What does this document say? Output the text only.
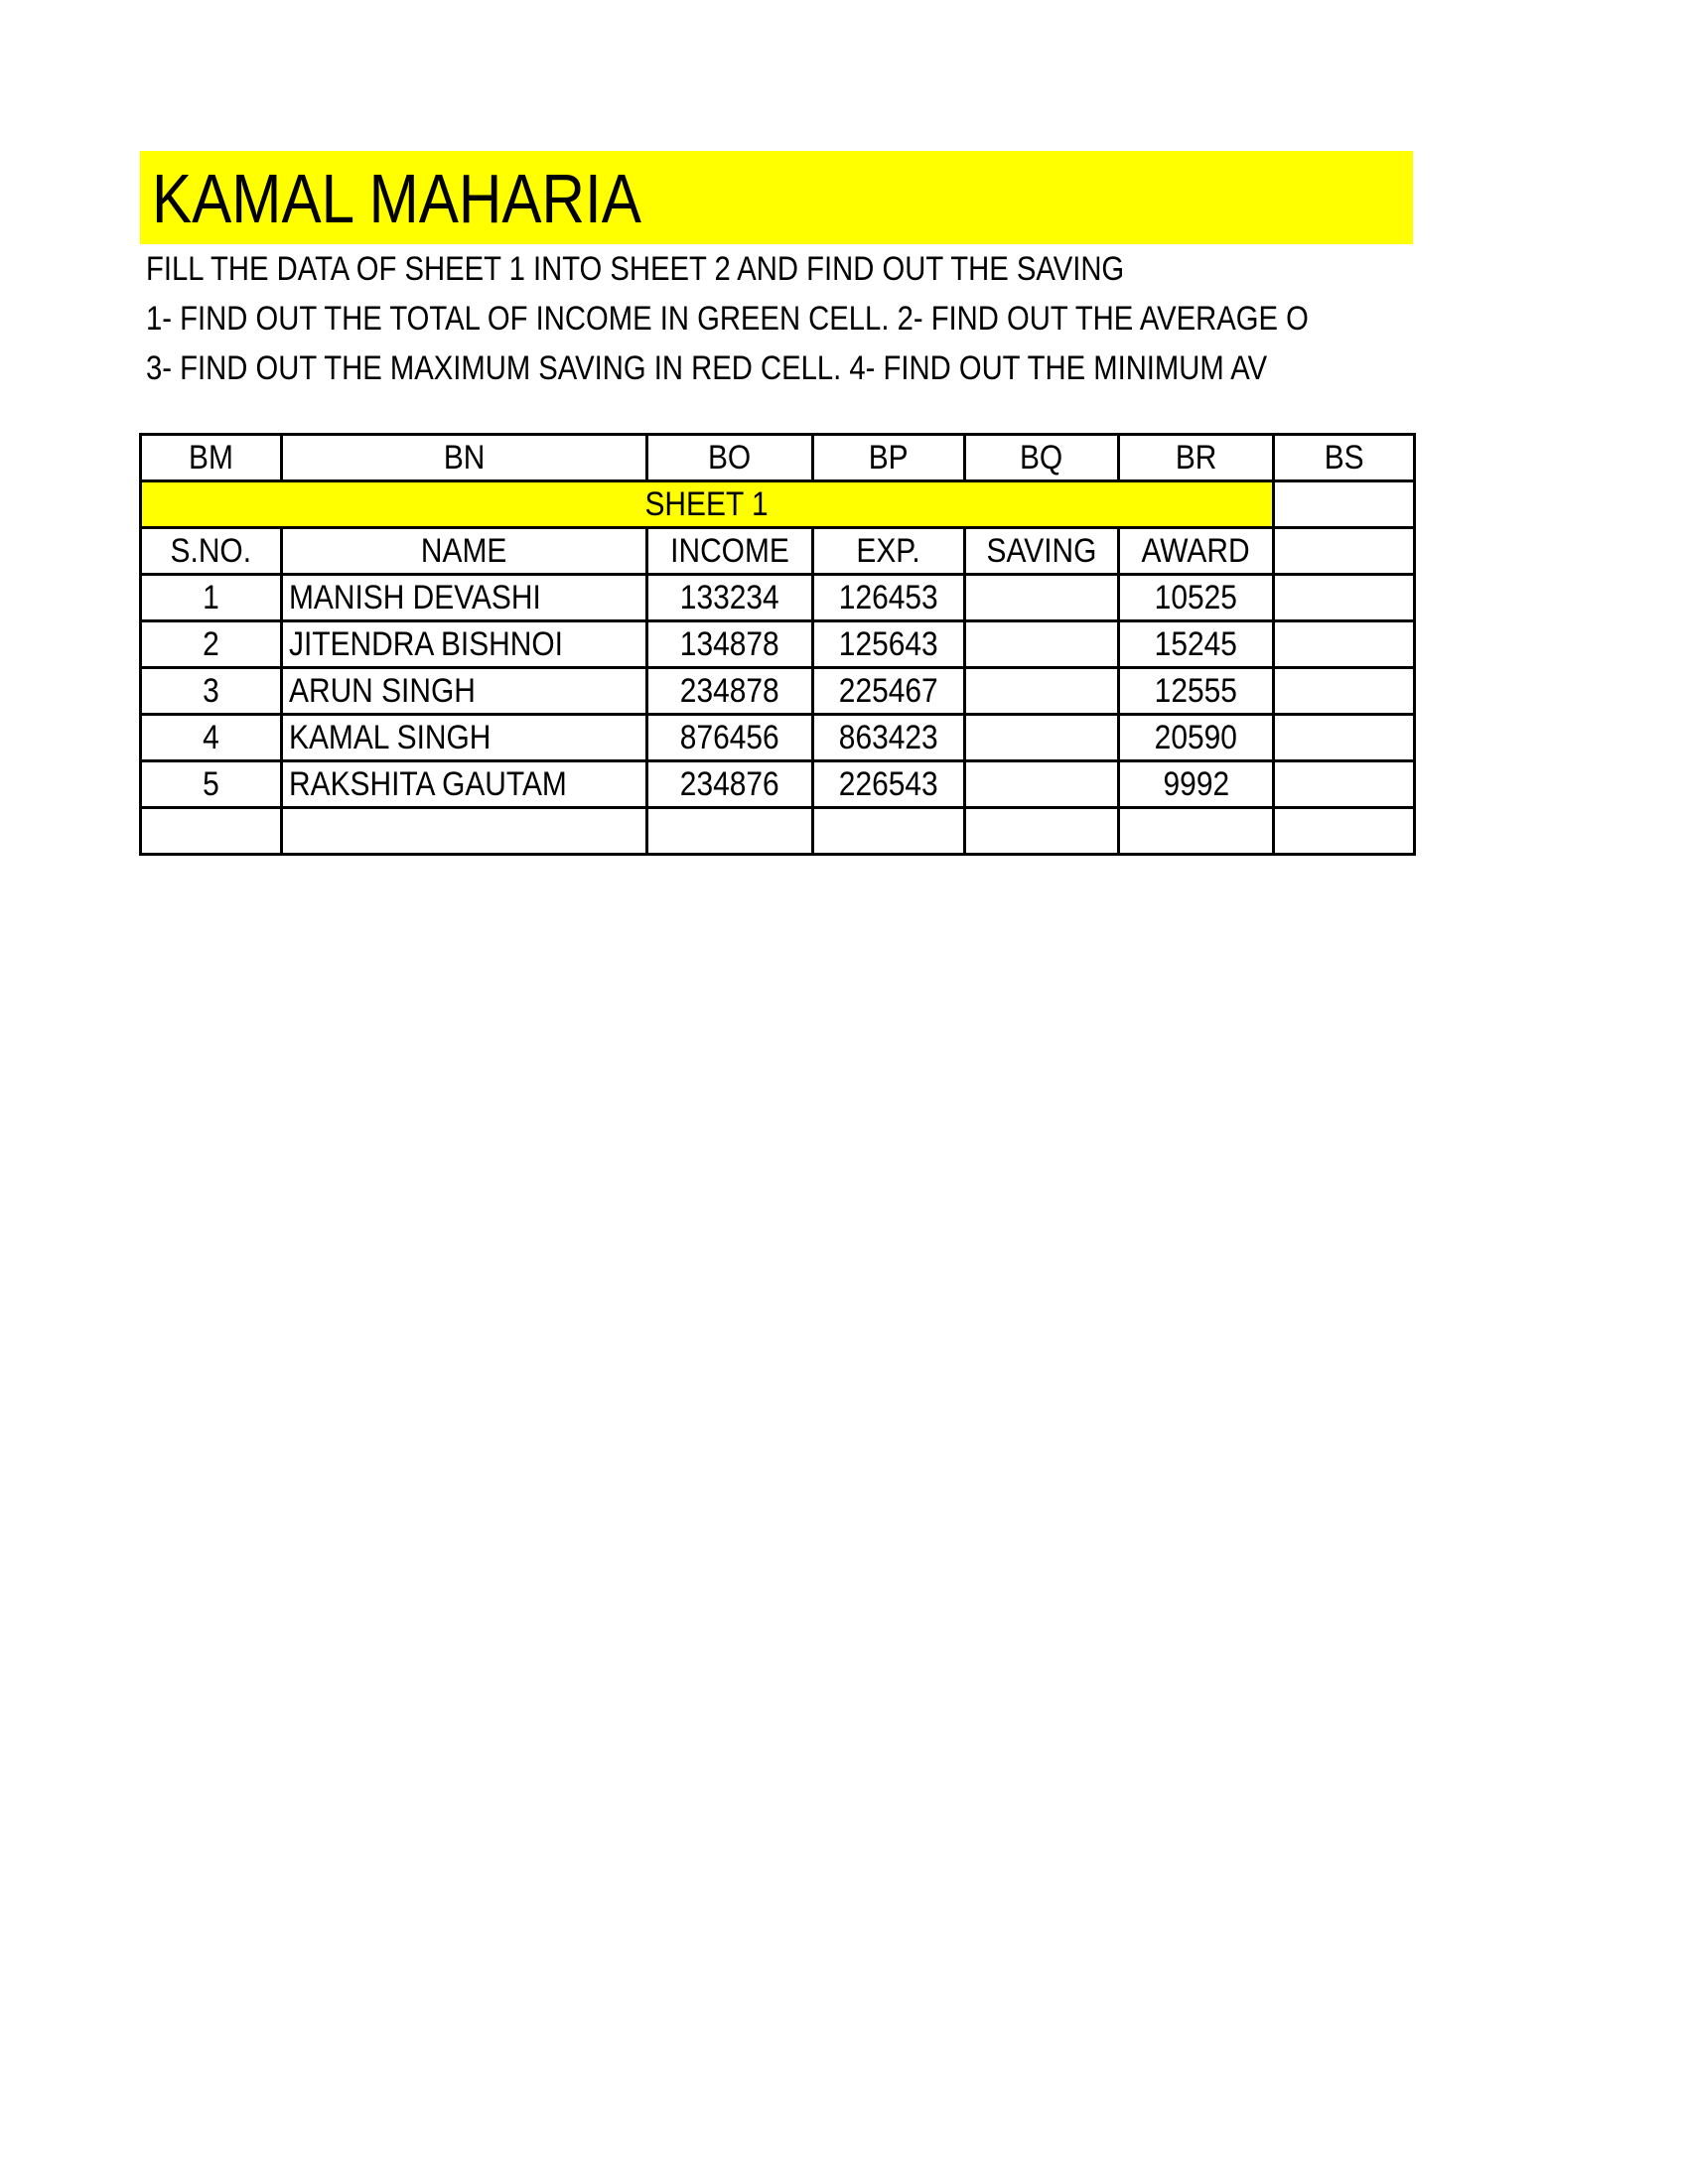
KAMAL MAHARIA
FILL THE DATA OF SHEET 1 INTO SHEET 2 AND FIND OUT THE SAVING
1- FIND OUT THE TOTAL OF INCOME IN GREEN CELL. 2- FIND OUT THE AVERAGE O
3- FIND OUT THE MAXIMUM SAVING IN RED CELL. 4- FIND OUT THE MINIMUM AV
BM	BN	BO	BP	BQ	BR	BS
SHEET 1						
S.NO.	NAME	INCOME	EXP.	SAVING	AWARD	
1	MANISH DEVASHI	133234	126453		10525	
2	JITENDRA BISHNOI	134878	125643		15245	
3	ARUN SINGH	234878	225467		12555	
4	KAMAL SINGH	876456	863423		20590	
5	RAKSHITA GAUTAM	234876	226543		9992	
